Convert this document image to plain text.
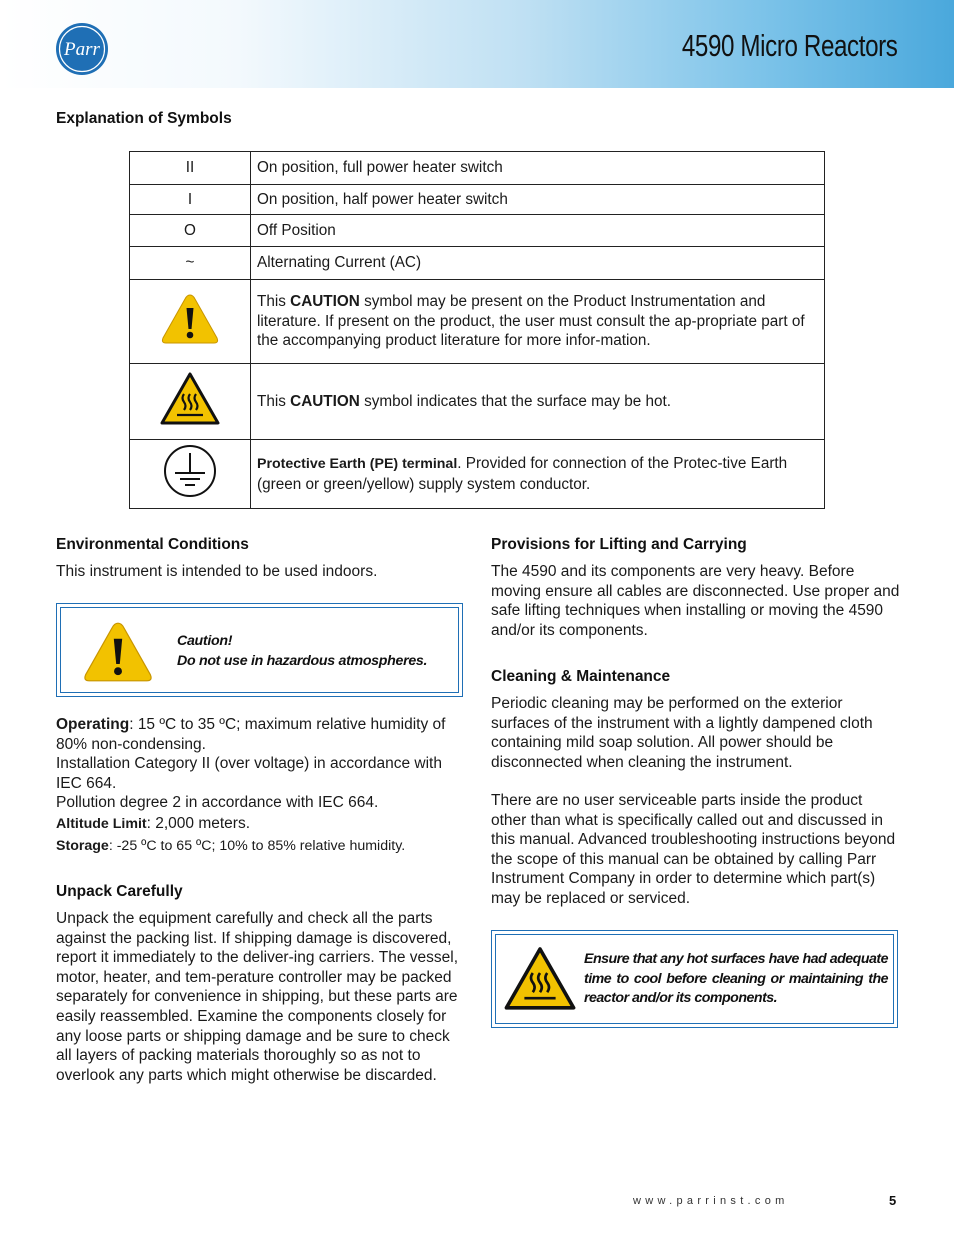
Parr	4590 Micro Reactors
Explanation of Symbols
II	On position, full power heater switch
I	On position, half power heater switch
O	Off Position
~	Alternating Current (AC)
	This CAUTION symbol may be present on the Product Instrumentation and literature. If present on the product, the user must consult the ap-propriate part of the accompanying product literature for more infor-mation.
	This CAUTION symbol indicates that the surface may be hot.
	Protective Earth (PE) terminal. Provided for connection of the Protec-tive Earth (green or green/yellow) supply system conductor.
Environmental Conditions

This instrument is intended to be used indoors.

Caution!
Do not use in hazardous atmospheres.
Operating: 15 ºC to 35 ºC; maximum relative humidity of 80% non-condensing.
Installation Category II (over voltage) in accordance with IEC 664.
Pollution degree 2 in accordance with IEC 664.
Altitude Limit: 2,000 meters.
Storage: -25 ºC to 65 ºC; 10% to 85% relative humidity.
Unpack Carefully

Unpack the equipment carefully and check all the parts against the packing list. If shipping damage is discovered, report it immediately to the deliver-ing carriers. The vessel, motor, heater, and tem-perature controller may be packed separately for convenience in shipping, but these parts are easily reassembled. Examine the components closely for any loose parts or shipping damage and be sure to check all layers of packing materials thoroughly so as not to overlook any parts which might otherwise be discarded.

Provisions for Lifting and Carrying

The 4590 and its components are very heavy. Before moving ensure all cables are disconnected. Use proper and safe lifting techniques when installing or moving the 4590 and/or its components.

Cleaning & Maintenance

Periodic cleaning may be performed on the exterior surfaces of the instrument with a lightly dampened cloth containing mild soap solution. All power should be disconnected when cleaning the instrument.

There are no user serviceable parts inside the product other than what is specifically called out and discussed in this manual. Advanced troubleshooting instructions beyond the scope of this manual can be obtained by calling Parr Instrument Company in order to determine which part(s) may be replaced or serviced.

Ensure that any hot surfaces have had adequate time to cool before cleaning or maintaining the reactor and/or its components.
www.parrinst.com	5
